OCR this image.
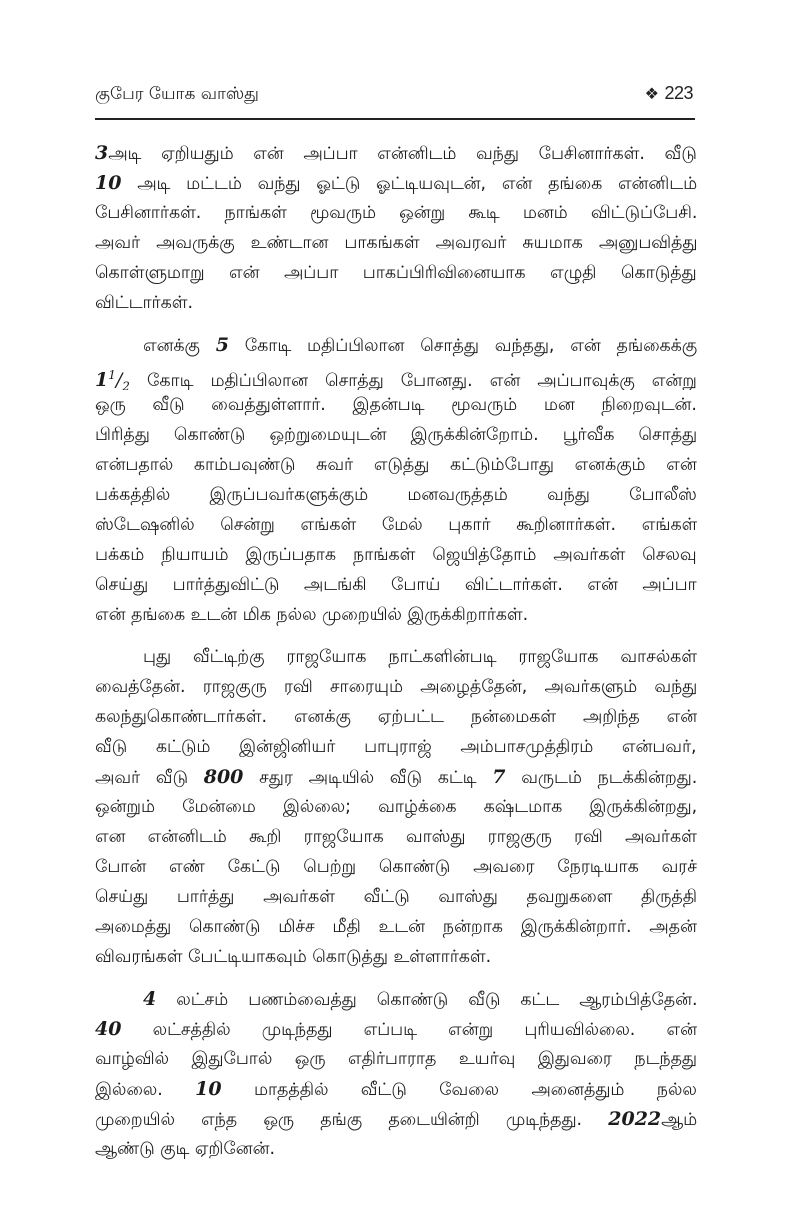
குபேர யோக வாஸ்து	❖ 223
3அடி ஏறியதும் என் அப்பா என்னிடம் வந்து பேசினார்கள். வீடு
10 அடி மட்டம் வந்து ஓட்டு ஓட்டியவுடன், என் தங்கை என்னிடம்
பேசினார்கள். நாங்கள் மூவரும் ஒன்று கூடி மனம் விட்டுப்பேசி.
அவர் அவருக்கு உண்டான பாகங்கள் அவரவர் சுயமாக அனுபவித்து
கொள்ளுமாறு என் அப்பா பாகப்பிரிவினையாக எழுதி கொடுத்து
விட்டார்கள்.
எனக்கு 5 கோடி மதிப்பிலான சொத்து வந்தது, என் தங்கைக்கு
$1^1/_2$ கோடி மதிப்பிலான சொத்து போனது. என் அப்பாவுக்கு என்று
ஒரு வீடு வைத்துள்ளார். இதன்படி மூவரும் மன நிறைவுடன்.
பிரித்து கொண்டு ஒற்றுமையுடன் இருக்கின்றோம். பூர்வீக சொத்து
என்பதால் காம்பவுண்டு சுவர் எடுத்து கட்டும்போது எனக்கும் என்
பக்கத்தில் இருப்பவர்களுக்கும் மனவருத்தம் வந்து போலீஸ்
ஸ்டேஷனில் சென்று எங்கள் மேல் புகார் கூறினார்கள். எங்கள்
பக்கம் நியாயம் இருப்பதாக நாங்கள் ஜெயித்தோம் அவர்கள் செலவு
செய்து பார்த்துவிட்டு அடங்கி போய் விட்டார்கள். என் அப்பா
என் தங்கை உடன் மிக நல்ல முறையில் இருக்கிறார்கள்.
புது வீட்டிற்கு ராஜயோக நாட்களின்படி ராஜயோக வாசல்கள்
வைத்தேன். ராஜகுரு ரவி சாரையும் அழைத்தேன், அவர்களும் வந்து
கலந்துகொண்டார்கள். எனக்கு ஏற்பட்ட நன்மைகள் அறிந்த என்
வீடு கட்டும் இன்ஜினியர் பாபுராஜ் அம்பாசமுத்திரம் என்பவர்,
அவர் வீடு 800 சதுர அடியில் வீடு கட்டி 7 வருடம் நடக்கின்றது.
ஒன்றும் மேன்மை இல்லை; வாழ்க்கை கஷ்டமாக இருக்கின்றது,
என என்னிடம் கூறி ராஜயோக வாஸ்து ராஜகுரு ரவி அவர்கள்
போன் எண் கேட்டு பெற்று கொண்டு அவரை நேரடியாக வரச்
செய்து பார்த்து அவர்கள் வீட்டு வாஸ்து தவறுகளை திருத்தி
அமைத்து கொண்டு மிச்ச மீதி உடன் நன்றாக இருக்கின்றார். அதன்
விவரங்கள் பேட்டியாகவும் கொடுத்து உள்ளார்கள்.
4 லட்சம் பணம்வைத்து கொண்டு வீடு கட்ட ஆரம்பித்தேன்.
40 லட்சத்தில் முடிந்தது எப்படி என்று புரியவில்லை. என்
வாழ்வில் இதுபோல் ஒரு எதிர்பாராத உயர்வு இதுவரை நடந்தது
இல்லை. 10 மாதத்தில் வீட்டு வேலை அனைத்தும் நல்ல
முறையில் எந்த ஒரு தங்கு தடையின்றி முடிந்தது. 2022ஆம்
ஆண்டு குடி ஏறினேன்.
